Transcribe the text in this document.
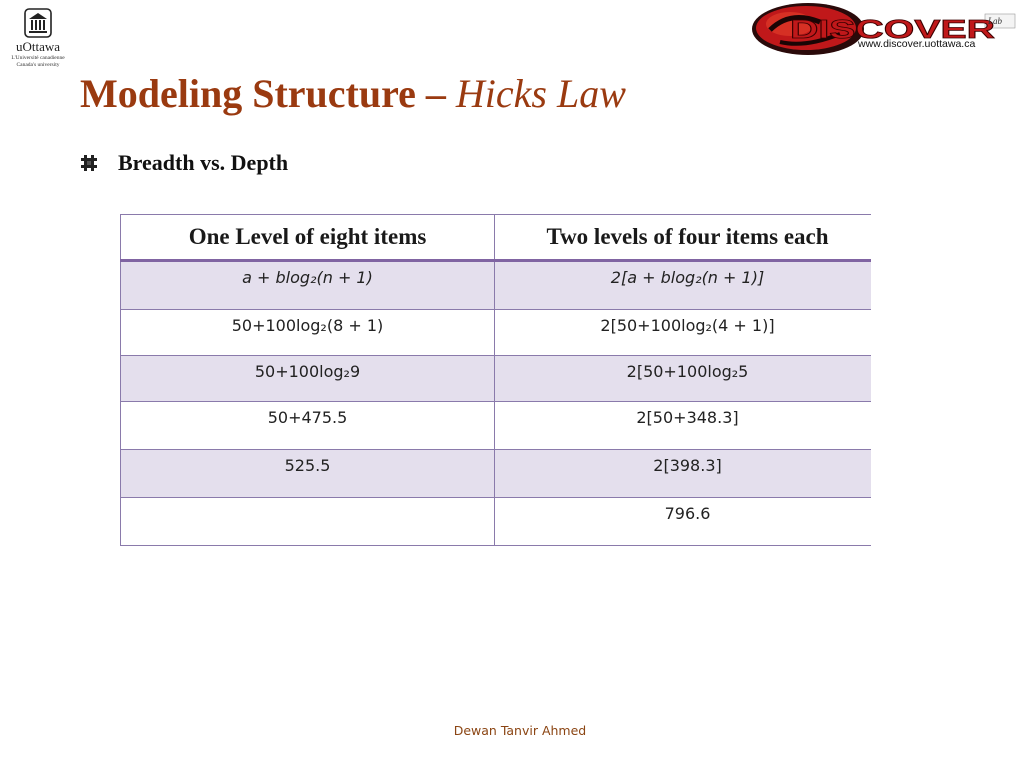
uOttawa
L'Université canadienne
Canada's university
DISCOVER
Lab
www.discover.uottawa.ca
Modeling Structure – Hicks Law
Breadth vs. Depth
One Level of eight items	Two levels of four items each
a + blog₂(n + 1)	2[a + blog₂(n + 1)]
50+100log₂(8 + 1)	2[50+100log₂(4 + 1)]
50+100log₂9	2[50+100log₂5
50+475.5	2[50+348.3]
525.5	2[398.3]
	796.6
Dewan Tanvir Ahmed
